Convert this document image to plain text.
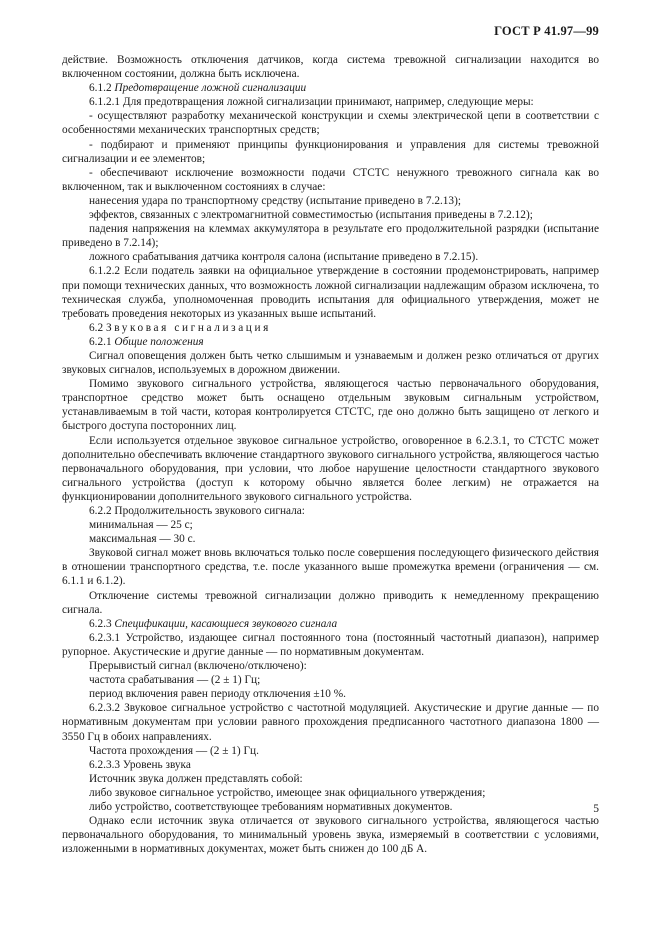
ГОСТ Р 41.97—99

действие. Возможность отключения датчиков, когда система тревожной сигнализации находится во включенном состоянии, должна быть исключена.

6.1.2 Предотвращение ложной сигнализации

6.1.2.1 Для предотвращения ложной сигнализации принимают, например, следующие меры:

- осуществляют разработку механической конструкции и схемы электрической цепи в соответствии с особенностями механических транспортных средств;

- подбирают и применяют принципы функционирования и управления для системы тревожной сигнализации и ее элементов;

- обеспечивают исключение возможности подачи СТСТС ненужного тревожного сигнала как во включенном, так и выключенном состояниях в случае:

нанесения удара по транспортному средству (испытание приведено в 7.2.13);

эффектов, связанных с электромагнитной совместимостью (испытания приведены в 7.2.12);

падения напряжения на клеммах аккумулятора в результате его продолжительной разрядки (испытание приведено в 7.2.14);

ложного срабатывания датчика контроля салона (испытание приведено в 7.2.15).

6.1.2.2 Если податель заявки на официальное утверждение в состоянии продемонстрировать, например при помощи технических данных, что возможность ложной сигнализации надлежащим образом исключена, то техническая служба, уполномоченная проводить испытания для официального утверждения, может не требовать проведения некоторых из указанных выше испытаний.

6.2 Звуковая сигнализация

6.2.1 Общие положения

Сигнал оповещения должен быть четко слышимым и узнаваемым и должен резко отличаться от других звуковых сигналов, используемых в дорожном движении.

Помимо звукового сигнального устройства, являющегося частью первоначального оборудования, транспортное средство может быть оснащено отдельным звуковым сигнальным устройством, устанавливаемым в той части, которая контролируется СТСТС, где оно должно быть защищено от легкого и быстрого доступа посторонних лиц.

Если используется отдельное звуковое сигнальное устройство, оговоренное в 6.2.3.1, то СТСТС может дополнительно обеспечивать включение стандартного звукового сигнального устройства, являющегося частью первоначального оборудования, при условии, что любое нарушение целостности стандартного звукового сигнального устройства (доступ к которому обычно является более легким) не отражается на функционировании дополнительного звукового сигнального устройства.

6.2.2 Продолжительность звукового сигнала:

минимальная — 25 с;

максимальная — 30 с.

Звуковой сигнал может вновь включаться только после совершения последующего физического действия в отношении транспортного средства, т.е. после указанного выше промежутка времени (ограничения — см. 6.1.1 и 6.1.2).

Отключение системы тревожной сигнализации должно приводить к немедленному прекращению сигнала.

6.2.3 Спецификации, касающиеся звукового сигнала

6.2.3.1 Устройство, издающее сигнал постоянного тона (постоянный частотный диапазон), например рупорное. Акустические и другие данные — по нормативным документам.

Прерывистый сигнал (включено/отключено):

частота срабатывания — (2 ± 1) Гц;

период включения равен периоду отключения ±10 %.

6.2.3.2 Звуковое сигнальное устройство с частотной модуляцией. Акустические и другие данные — по нормативным документам при условии равного прохождения предписанного частотного диапазона 1800 — 3550 Гц в обоих направлениях.

Частота прохождения — (2 ± 1) Гц.

6.2.3.3 Уровень звука

Источник звука должен представлять собой:

либо звуковое сигнальное устройство, имеющее знак официального утверждения;

либо устройство, соответствующее требованиям нормативных документов.

Однако если источник звука отличается от звукового сигнального устройства, являющегося частью первоначального оборудования, то минимальный уровень звука, измеряемый в соответствии с условиями, изложенными в нормативных документах, может быть снижен до 100 дБ А.

5
